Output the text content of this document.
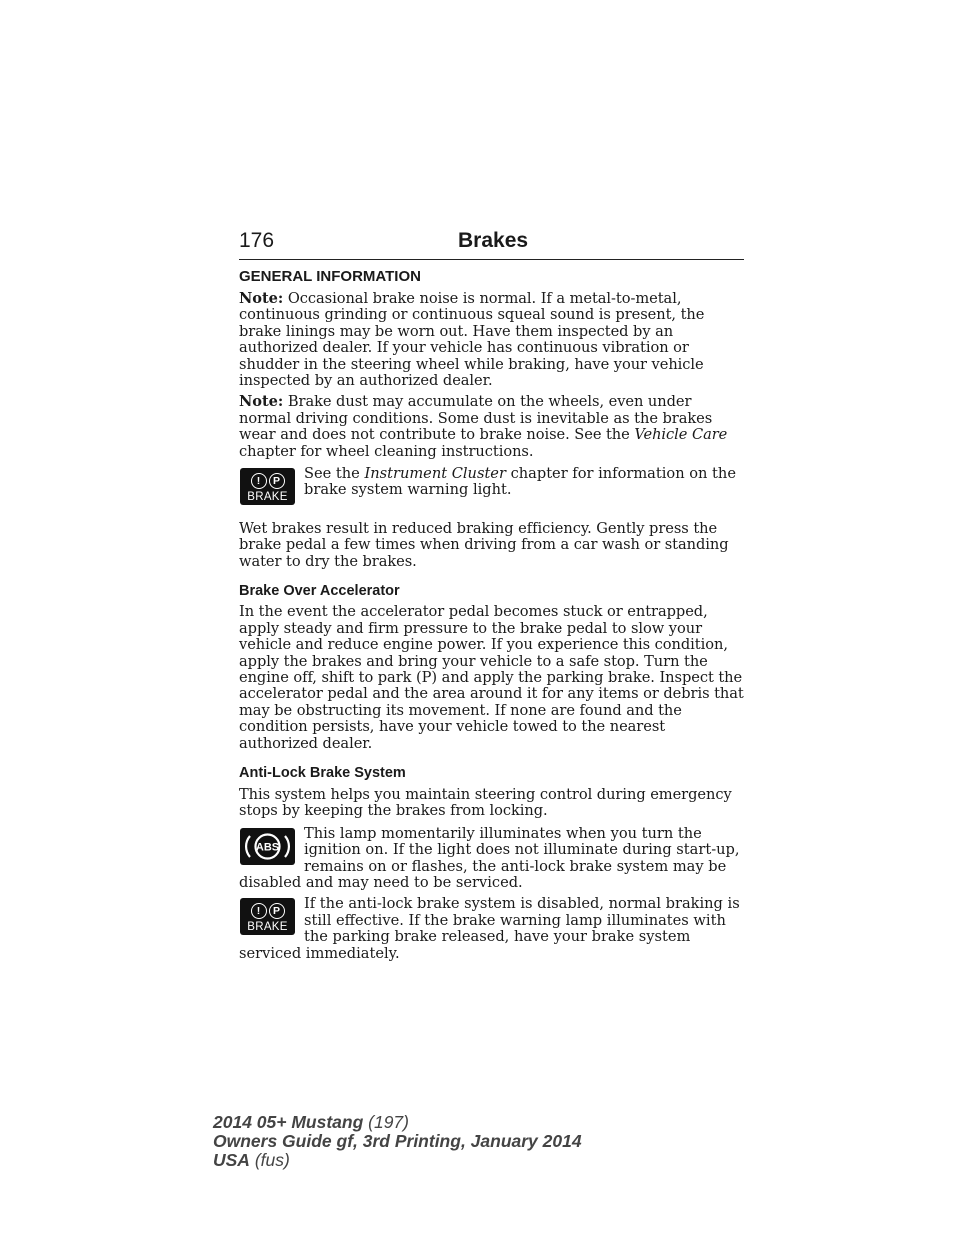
176	Brakes
GENERAL INFORMATION

Note: Occasional brake noise is normal. If a metal-to-metal, continuous grinding or continuous squeal sound is present, the brake linings may be worn out. Have them inspected by an authorized dealer. If your vehicle has continuous vibration or shudder in the steering wheel while braking, have your vehicle inspected by an authorized dealer.

Note: Brake dust may accumulate on the wheels, even under normal driving conditions. Some dust is inevitable as the brakes wear and does not contribute to brake noise. See the Vehicle Care chapter for wheel cleaning instructions.

! P
BRAKE

See the Instrument Cluster chapter for information on the brake system warning light.

Wet brakes result in reduced braking efficiency. Gently press the brake pedal a few times when driving from a car wash or standing water to dry the brakes.

Brake Over Accelerator

In the event the accelerator pedal becomes stuck or entrapped, apply steady and firm pressure to the brake pedal to slow your vehicle and reduce engine power. If you experience this condition, apply the brakes and bring your vehicle to a safe stop. Turn the engine off, shift to park (P) and apply the parking brake. Inspect the accelerator pedal and the area around it for any items or debris that may be obstructing its movement. If none are found and the condition persists, have your vehicle towed to the nearest authorized dealer.

Anti-Lock Brake System

This system helps you maintain steering control during emergency stops by keeping the brakes from locking.

ABS

This lamp momentarily illuminates when you turn the ignition on. If the light does not illuminate during start-up, remains on or flashes, the anti-lock brake system may be disabled and may need to be serviced.

! P
BRAKE

If the anti-lock brake system is disabled, normal braking is still effective. If the brake warning lamp illuminates with the parking brake released, have your brake system serviced immediately.

2014 05+ Mustang (197)
Owners Guide gf, 3rd Printing, January 2014
USA (fus)
